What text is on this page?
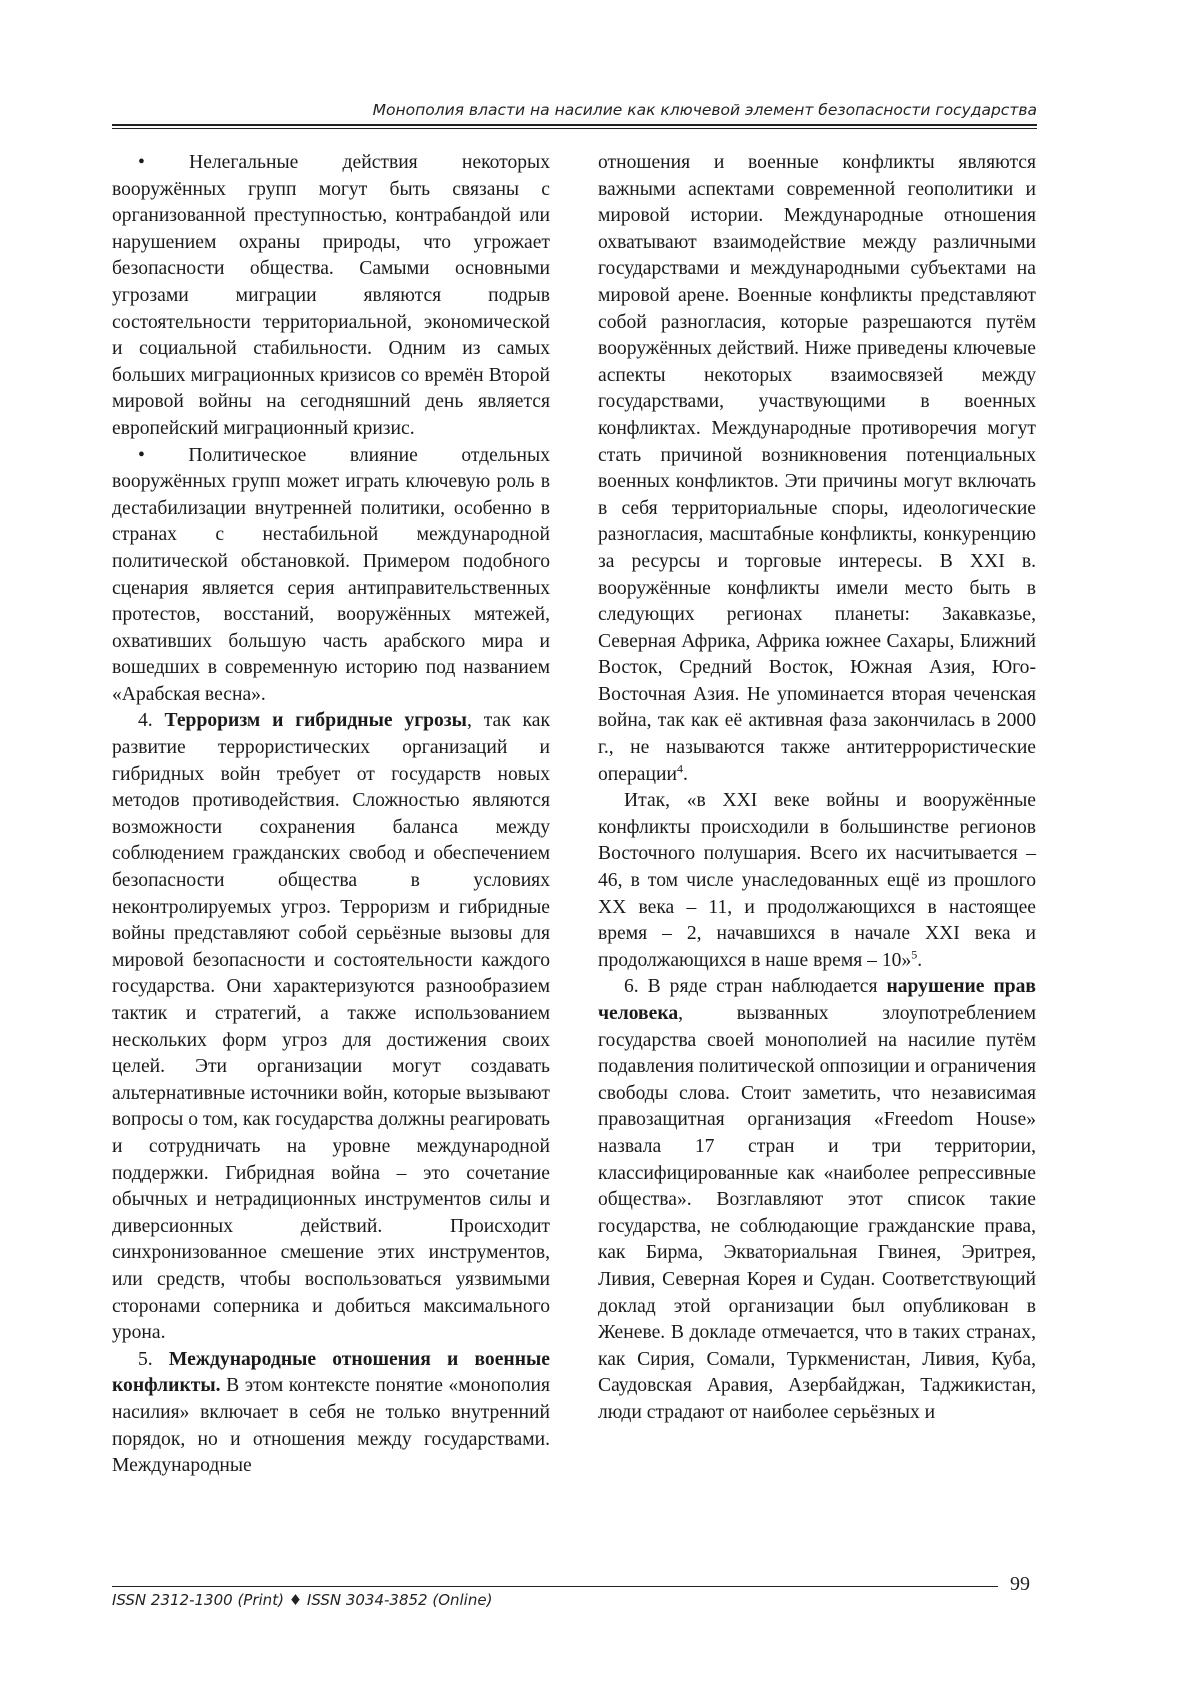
Монополия власти на насилие как ключевой элемент безопасности государства

• Нелегальные действия некоторых вооружённых групп могут быть связаны с организованной преступностью, контрабандой или нарушением охраны природы, что угрожает безопасности общества. Самыми основными угрозами миграции являются подрыв состоятельности территориальной, экономической и социальной стабильности. Одним из самых больших миграционных кризисов со времён Второй мировой войны на сегодняшний день является европейский миграционный кризис.

• Политическое влияние отдельных вооружённых групп может играть ключевую роль в дестабилизации внутренней политики, особенно в странах с нестабильной международной политической обстановкой. Примером подобного сценария является серия антиправительственных протестов, восстаний, вооружённых мятежей, охвативших большую часть арабского мира и вошедших в современную историю под названием «Арабская весна».

4. Терроризм и гибридные угрозы, так как развитие террористических организаций и гибридных войн требует от государств новых методов противодействия. Сложностью являются возможности сохранения баланса между соблюдением гражданских свобод и обеспечением безопасности общества в условиях неконтролируемых угроз. Терроризм и гибридные войны представляют собой серьёзные вызовы для мировой безопасности и состоятельности каждого государства. Они характеризуются разнообразием тактик и стратегий, а также использованием нескольких форм угроз для достижения своих целей. Эти организации могут создавать альтернативные источники войн, которые вызывают вопросы о том, как государства должны реагировать и сотрудничать на уровне международной поддержки. Гибридная война – это сочетание обычных и нетрадиционных инструментов силы и диверсионных действий. Происходит синхронизованное смешение этих инструментов, или средств, чтобы воспользоваться уязвимыми сторонами соперника и добиться максимального урона.

5. Международные отношения и военные конфликты. В этом контексте понятие «монополия насилия» включает в себя не только внутренний порядок, но и отношения между государствами. Международные

отношения и военные конфликты являются важными аспектами современной геополитики и мировой истории. Международные отношения охватывают взаимодействие между различными государствами и международными субъектами на мировой арене. Военные конфликты представляют собой разногласия, которые разрешаются путём вооружённых действий. Ниже приведены ключевые аспекты некоторых взаимосвязей между государствами, участвующими в военных конфликтах. Международные противоречия могут стать причиной возникновения потенциальных военных конфликтов. Эти причины могут включать в себя территориальные споры, идеологические разногласия, масштабные конфликты, конкуренцию за ресурсы и торговые интересы. В XXI в. вооружённые конфликты имели место быть в следующих регионах планеты: Закавказье, Северная Африка, Африка южнее Сахары, Ближний Восток, Средний Восток, Южная Азия, Юго-Восточная Азия. Не упоминается вторая чеченская война, так как её активная фаза закончилась в 2000 г., не называются также антитеррористические операции$^4$.

Итак, «в XXI веке войны и вооружённые конфликты происходили в большинстве регионов Восточного полушария. Всего их насчитывается – 46, в том числе унаследованных ещё из прошлого XX века – 11, и продолжающихся в настоящее время – 2, начавшихся в начале XXI века и продолжающихся в наше время – 10»$^5$.

6. В ряде стран наблюдается нарушение прав человека, вызванных злоупотреблением государства своей монополией на насилие путём подавления политической оппозиции и ограничения свободы слова. Стоит заметить, что независимая правозащитная организация «Freedom House» назвала 17 стран и три территории, классифицированные как «наиболее репрессивные общества». Возглавляют этот список такие государства, не соблюдающие гражданские права, как Бирма, Экваториальная Гвинея, Эритрея, Ливия, Северная Корея и Судан. Соответствующий доклад этой организации был опубликован в Женеве. В докладе отмечается, что в таких странах, как Сирия, Сомали, Туркменистан, Ливия, Куба, Саудовская Аравия, Азербайджан, Таджикистан, люди страдают от наиболее серьёзных и

ISSN 2312-1300 (Print) ♦ ISSN 3034-3852 (Online)
99
